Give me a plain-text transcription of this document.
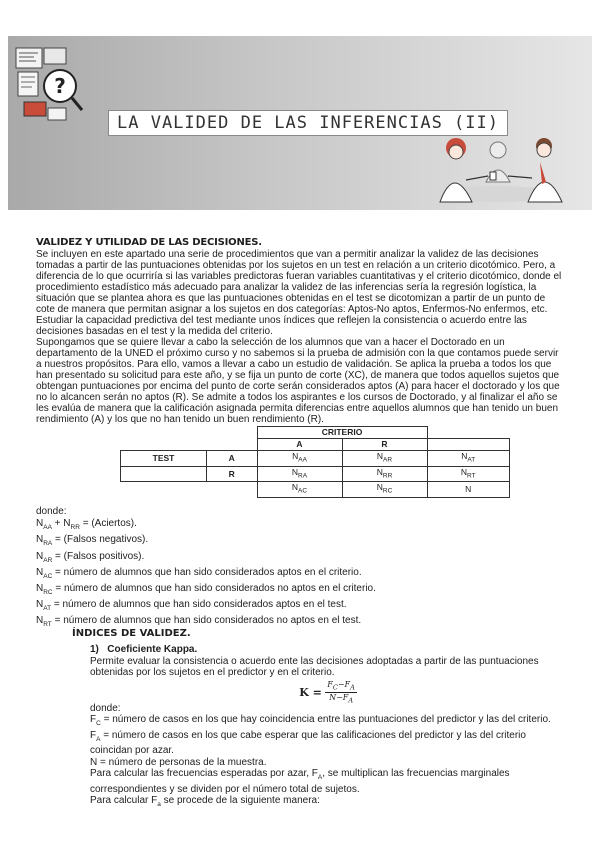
?
LA VALIDED DE LAS INFERENCIAS (II)

VALIDEZ Y UTILIDAD DE LAS DECISIONES.

Se incluyen en este apartado una serie de procedimientos que van a permitir analizar la validez de las decisiones tomadas a partir de las puntuaciones obtenidas por los sujetos en un test en relación a un criterio dicotómico. Pero, a diferencia de lo que ocurriría si las variables predictoras fueran variables cuantitativas y el criterio dicotómico, donde el procedimiento estadístico más adecuado para analizar la validez de las inferencias sería la regresión logística, la situación que se plantea ahora es que las puntuaciones obtenidas en el test se dicotomizan a partir de un punto de cote de manera que permitan asignar a los sujetos en dos categorías: Aptos-No aptos, Enfermos-No enfermos, etc.

Estudiar la capacidad predictiva del test mediante unos índices que reflejen la consistencia o acuerdo entre las decisiones basadas en el test y la medida del criterio.

Supongamos que se quiere llevar a cabo la selección de los alumnos que van a hacer el Doctorado en un departamento de la UNED el próximo curso y no sabemos si la prueba de admisión con la que contamos puede servir a nuestros propósitos. Para ello, vamos a llevar a cabo un estudio de validación. Se aplica la prueba a todos los que han presentado su solicitud para este año, y se fija un punto de corte (XC), de manera que todos aquellos sujetos que obtengan puntuaciones por encima del punto de corte serán considerados aptos (A) para hacer el doctorado y los que no lo alcancen serán no aptos (R). Se admite a todos los aspirantes e los cursos de Doctorado, y al finalizar el año se les evalúa de manera que la calificación asignada permita diferencias entre aquellos alumnos que han tenido un buen rendimiento (A) y los que no han tenido un buen rendimiento (R).

		CRITERIO		
		A	R	
TEST	A	$N_{AA}$	$N_{AR}$	$N_{AT}$
	R	$N_{RA}$	$N_{RR}$	$N_{RT}$
		$N_{AC}$	$N_{RC}$	N

donde:

$N_{AA} + N_{RR}$ = (Aciertos).

$N_{RA}$ = (Falsos negativos).

$N_{AR}$ = (Falsos positivos).

$N_{AC}$ = número de alumnos que han sido considerados aptos en el criterio.

$N_{RC}$ = número de alumnos que han sido considerados no aptos en el criterio.

$N_{AT}$ = número de alumnos que han sido considerados aptos en el test.

$N_{RT}$ = número de alumnos que han sido considerados no aptos en el test.

ÍNDICES DE VALIDEZ.

1) Coeficiente Kappa.

Permite evaluar la consistencia o acuerdo ente las decisiones adoptadas a partir de las puntuaciones obtenidas por los sujetos en el predictor y en el criterio.

$K = \frac{F_C-F_A}{N-F_A}$

donde:

$F_C$ = número de casos en los que hay coincidencia entre las puntuaciones del predictor y las del criterio.

$F_A$ = número de casos en los que cabe esperar que las calificaciones del predictor y las del criterio coincidan por azar.

N = número de personas de la muestra.

Para calcular las frecuencias esperadas por azar, $F_A$, se multiplican las frecuencias marginales correspondientes y se dividen por el número total de sujetos.

Para calcular $F_a$ se procede de la siguiente manera:
